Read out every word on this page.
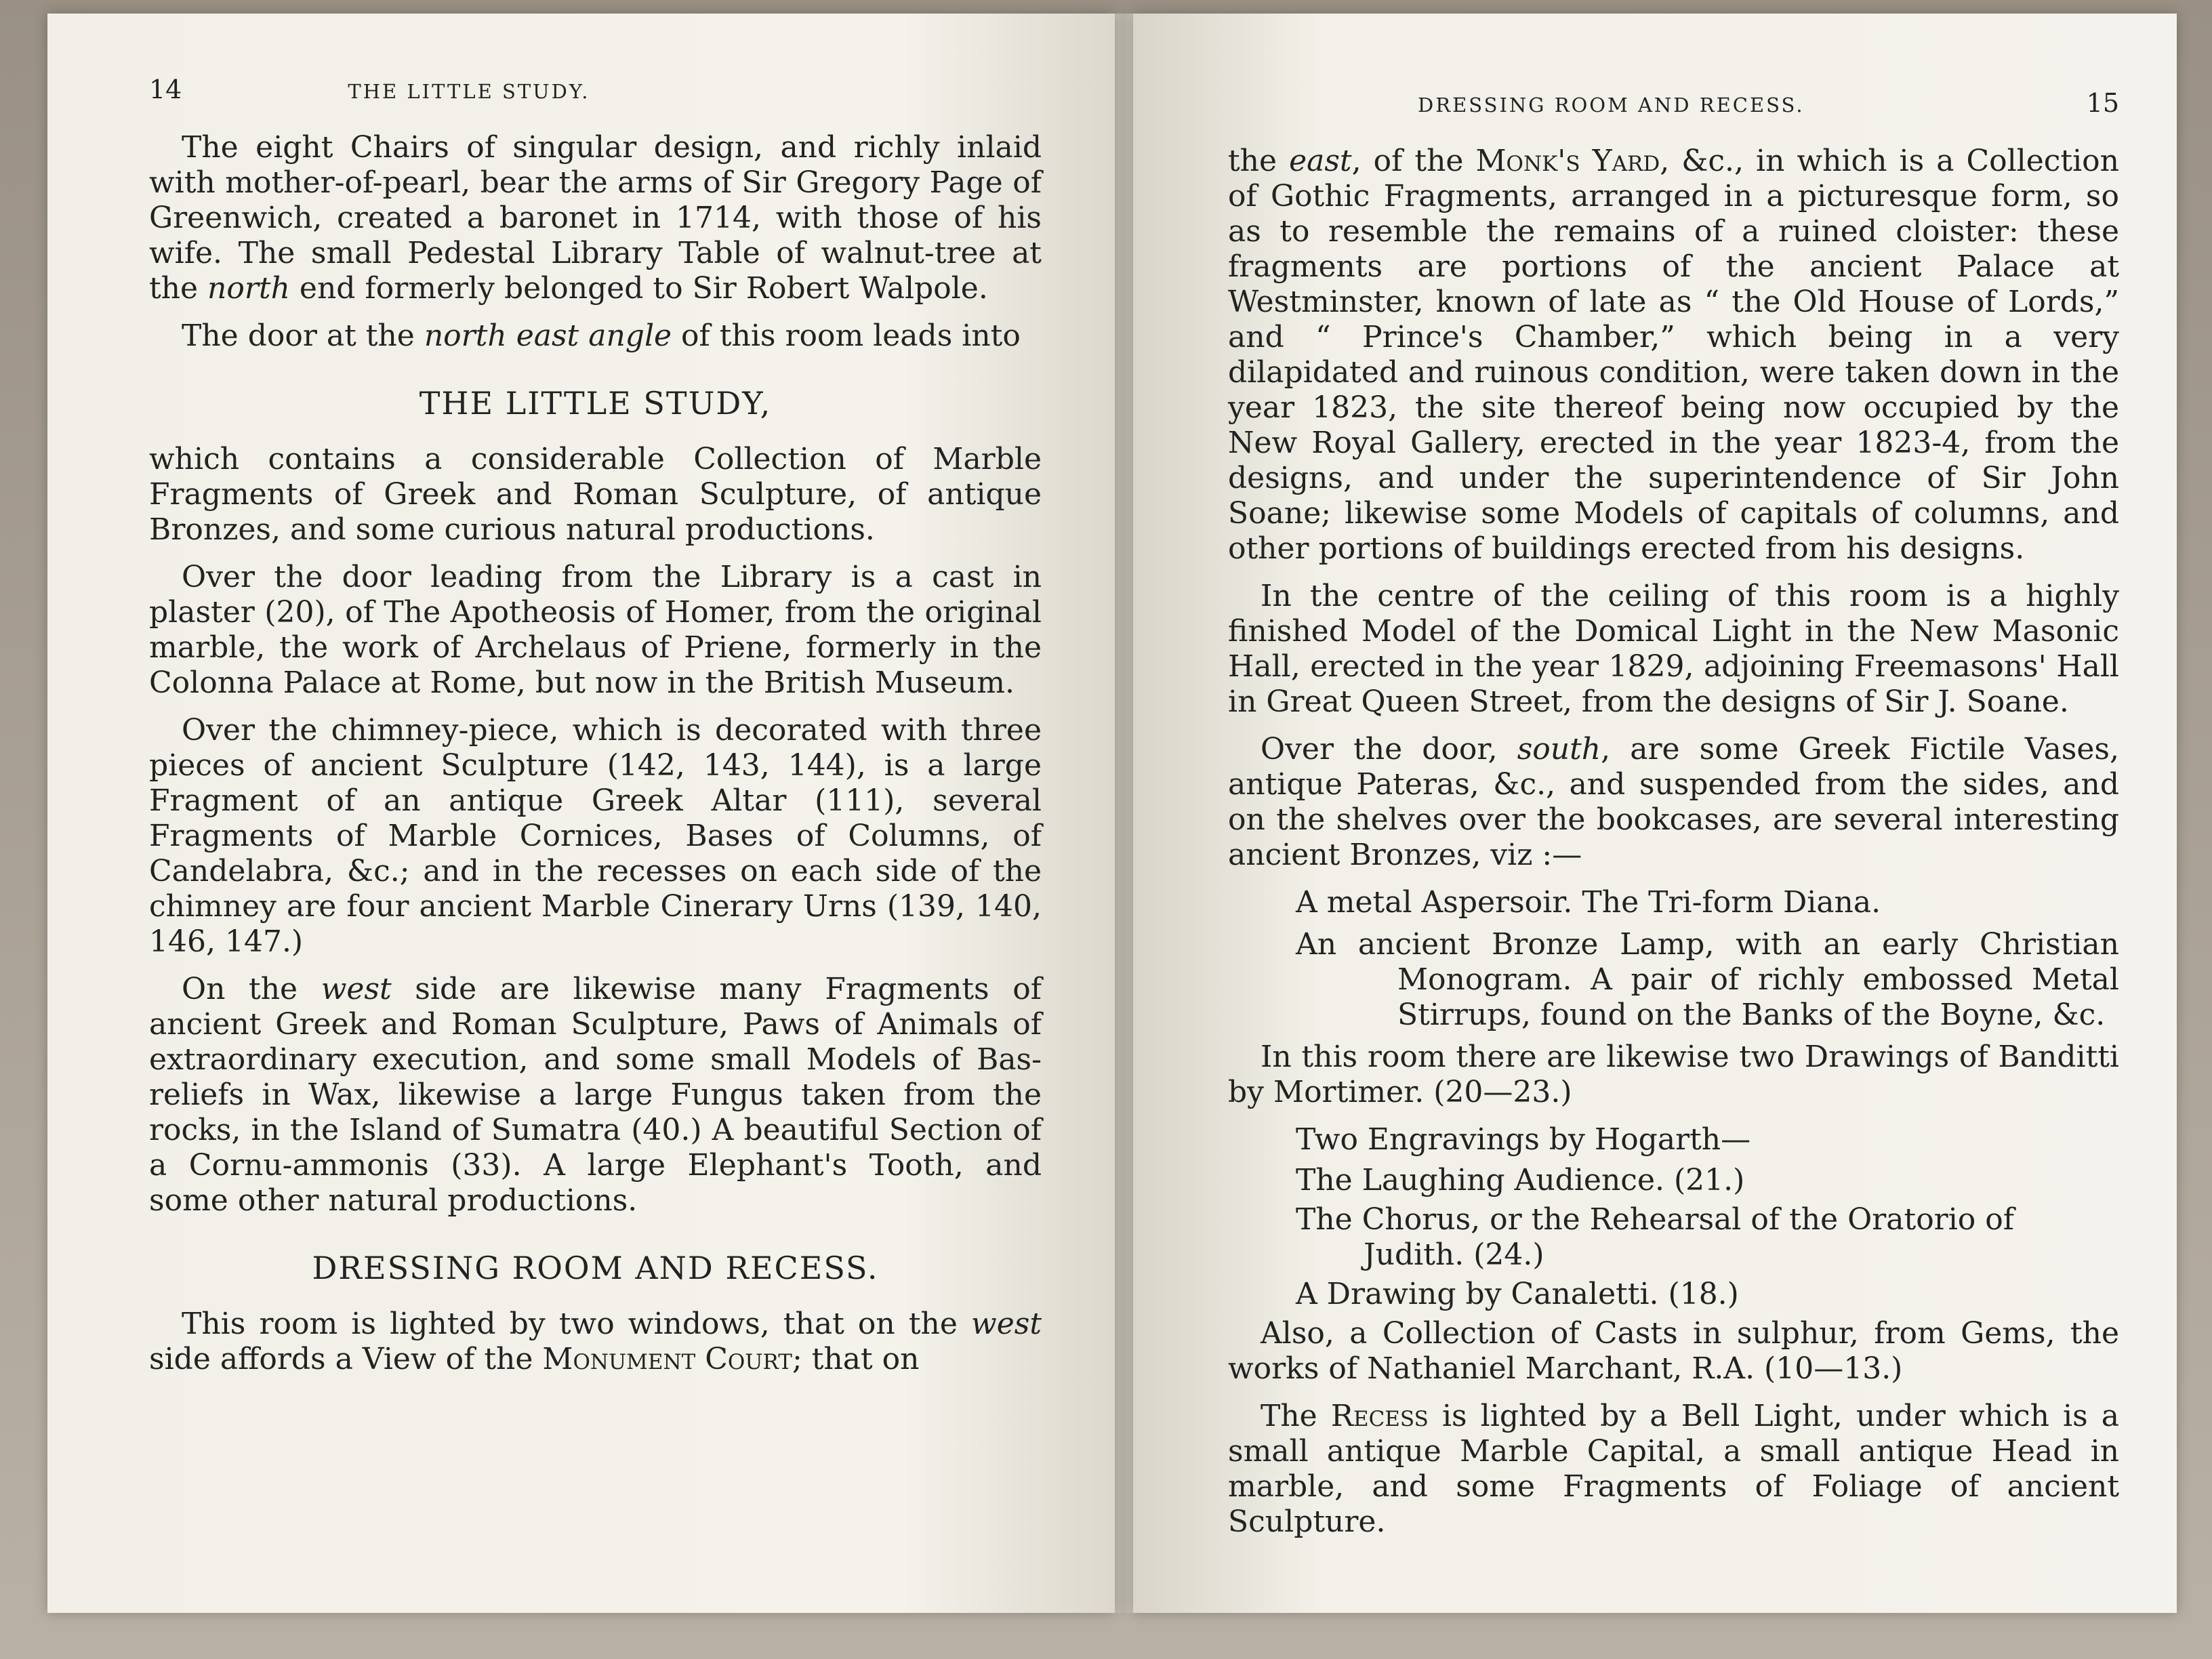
14	THE LITTLE STUDY.

The eight Chairs of singular design, and richly inlaid with mother-of-pearl, bear the arms of Sir Gregory Page of Greenwich, created a baronet in 1714, with those of his wife. The small Pedestal Library Table of walnut-tree at the north end formerly belonged to Sir Robert Walpole.

The door at the north east angle of this room leads into

THE LITTLE STUDY,

which contains a considerable Collection of Marble Fragments of Greek and Roman Sculpture, of antique Bronzes, and some curious natural productions.

Over the door leading from the Library is a cast in plaster (20), of The Apotheosis of Homer, from the original marble, the work of Archelaus of Priene, formerly in the Colonna Palace at Rome, but now in the British Museum.

Over the chimney-piece, which is decorated with three pieces of ancient Sculpture (142, 143, 144), is a large Fragment of an antique Greek Altar (111), several Fragments of Marble Cornices, Bases of Columns, of Candelabra, &c.; and in the recesses on each side of the chimney are four ancient Marble Cinerary Urns (139, 140, 146, 147.)

On the west side are likewise many Fragments of ancient Greek and Roman Sculpture, Paws of Animals of extraordinary execution, and some small Models of Bas-reliefs in Wax, likewise a large Fungus taken from the rocks, in the Island of Sumatra (40.) A beautiful Section of a Cornu-ammonis (33). A large Elephant's Tooth, and some other natural productions.

DRESSING ROOM AND RECESS.

This room is lighted by two windows, that on the west side affords a View of the Monument Court; that on

DRESSING ROOM AND RECESS.	15

the east, of the Monk's Yard, &c., in which is a Collection of Gothic Fragments, arranged in a picturesque form, so as to resemble the remains of a ruined cloister: these fragments are portions of the ancient Palace at Westminster, known of late as “ the Old House of Lords,” and “ Prince's Chamber,” which being in a very dilapidated and ruinous condition, were taken down in the year 1823, the site thereof being now occupied by the New Royal Gallery, erected in the year 1823-4, from the designs, and under the superintendence of Sir John Soane; likewise some Models of capitals of columns, and other portions of buildings erected from his designs.

In the centre of the ceiling of this room is a highly finished Model of the Domical Light in the New Masonic Hall, erected in the year 1829, adjoining Freemasons' Hall in Great Queen Street, from the designs of Sir J. Soane.

Over the door, south, are some Greek Fictile Vases, antique Pateras, &c., and suspended from the sides, and on the shelves over the bookcases, are several interesting ancient Bronzes, viz :—

A metal Aspersoir. The Tri-form Diana.
An ancient Bronze Lamp, with an early Christian Monogram. A pair of richly embossed Metal Stirrups, found on the Banks of the Boyne, &c.

In this room there are likewise two Drawings of Banditti by Mortimer. (20—23.)

Two Engravings by Hogarth—
The Laughing Audience. (21.)
The Chorus, or the Rehearsal of the Oratorio of Judith. (24.)
A Drawing by Canaletti. (18.)

Also, a Collection of Casts in sulphur, from Gems, the works of Nathaniel Marchant, R.A. (10—13.)

The Recess is lighted by a Bell Light, under which is a small antique Marble Capital, a small antique Head in marble, and some Fragments of Foliage of ancient Sculpture.
